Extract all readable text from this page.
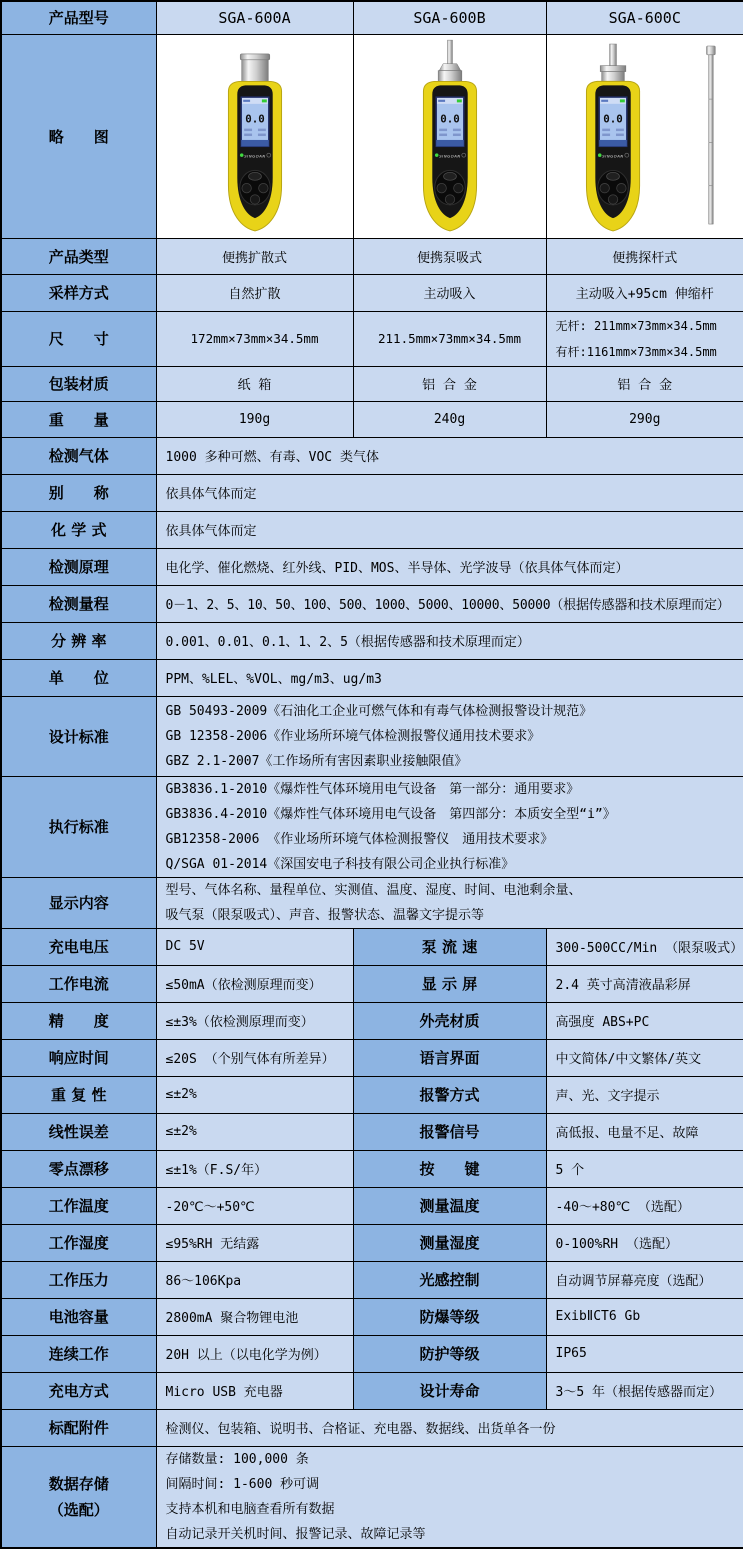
产品型号	SGA-600A	SGA-600B	SGA-600C
略　　图	0.0
SINGOAN	0.0
SINGOAN	0.0
SINGOAN

产品类型	便携扩散式	便携泵吸式	便携探杆式
采样方式	自然扩散	主动吸入	主动吸入+95cm 伸缩杆
尺　　寸	172mm×73mm×34.5mm	211.5mm×73mm×34.5mm	无杆: 211mm×73mm×34.5mm
有杆:1161mm×73mm×34.5mm

包装材质	纸 箱	铝 合 金	铝 合 金
重　　量	190g	240g	290g
检测气体	1000 多种可燃、有毒、VOC 类气体		
别　　称	依具体气体而定		
化 学 式	依具体气体而定		
检测原理	电化学、催化燃烧、红外线、PID、MOS、半导体、光学波导（依具体气体而定）		
检测量程	0－1、2、5、10、50、100、500、1000、5000、10000、50000（根据传感器和技术原理而定）		
分 辨 率	0.001、0.01、0.1、1、2、5（根据传感器和技术原理而定）		
单　　位	PPM、%LEL、%VOL、mg/m3、ug/m3		
设计标准	GB 50493-2009《石油化工企业可燃气体和有毒气体检测报警设计规范》
GB 12358-2006《作业场所环境气体检测报警仪通用技术要求》
GBZ 2.1-2007《工作场所有害因素职业接触限值》		

执行标准	GB3836.1-2010《爆炸性气体环境用电气设备　第一部分：通用要求》
GB3836.4-2010《爆炸性气体环境用电气设备　第四部分：本质安全型“i”》
GB12358-2006 《作业场所环境气体检测报警仪　通用技术要求》
Q/SGA 01-2014《深国安电子科技有限公司企业执行标准》		

显示内容	型号、气体名称、量程单位、实测值、温度、湿度、时间、电池剩余量、
吸气泵（限泵吸式）、声音、报警状态、温馨文字提示等		

充电电压	DC 5V	泵 流 速	300-500CC/Min （限泵吸式）
工作电流	≤50mA（依检测原理而变）	显 示 屏	2.4 英寸高清液晶彩屏
精　　度	≤±3%（依检测原理而变）	外壳材质	高强度 ABS+PC
响应时间	≤20S （个别气体有所差异）	语言界面	中文简体/中文繁体/英文
重 复 性	≤±2%	报警方式	声、光、文字提示
线性误差	≤±2%	报警信号	高低报、电量不足、故障
零点漂移	≤±1%（F.S/年）	按　　键	5 个
工作温度	-20℃～+50℃	测量温度	-40～+80℃ （选配）
工作湿度	≤95%RH 无结露	测量湿度	0-100%RH （选配）
工作压力	86～106Kpa	光感控制	自动调节屏幕亮度（选配）
电池容量	2800mA 聚合物锂电池	防爆等级	ExibⅡCT6 Gb
连续工作	20H 以上（以电化学为例）	防护等级	IP65
充电方式	Micro USB 充电器	设计寿命	3～5 年（根据传感器而定）
标配附件	检测仪、包装箱、说明书、合格证、充电器、数据线、出货单各一份		

数据存储
（选配）

存储数量: 100,000 条
间隔时间: 1-600 秒可调
支持本机和电脑查看所有数据
自动记录开关机时间、报警记录、故障记录等
